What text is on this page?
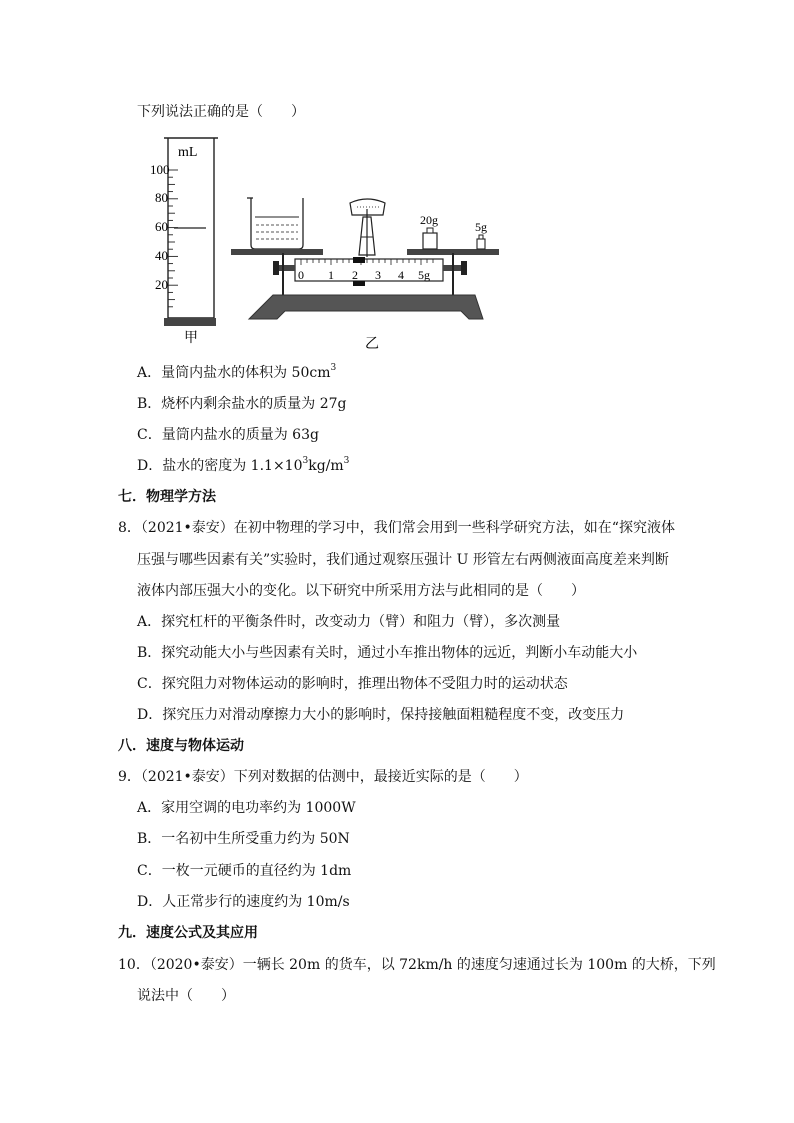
下列说法正确的是（　　）
mL
100
80
60
40
20
甲
20g	5g
0 1 2 3 4 5g
乙
A．量筒内盐水的体积为 $50cm^3$
B．烧杯内剩余盐水的质量为 27g
C．量筒内盐水的质量为 63g
D．盐水的密度为 $1.1\times 10^3kg/m^3$
七．物理学方法
8．（2021•泰安）在初中物理的学习中，我们常会用到一些科学研究方法，如在“探究液体
压强与哪些因素有关”实验时，我们通过观察压强计 U 形管左右两侧液面高度差来判断
液体内部压强大小的变化。以下研究中所采用方法与此相同的是（　　）
A．探究杠杆的平衡条件时，改变动力（臂）和阻力（臂），多次测量
B．探究动能大小与些因素有关时，通过小车推出物体的远近，判断小车动能大小
C．探究阻力对物体运动的影响时，推理出物体不受阻力时的运动状态
D．探究压力对滑动摩擦力大小的影响时，保持接触面粗糙程度不变，改变压力
八．速度与物体运动
9．（2021•泰安）下列对数据的估测中，最接近实际的是（　　）
A．家用空调的电功率约为 1000W
B．一名初中生所受重力约为 50N
C．一枚一元硬币的直径约为 1dm
D．人正常步行的速度约为 10m/s
九．速度公式及其应用
10．（2020•泰安）一辆长 20m 的货车，以 72km/h 的速度匀速通过长为 100m 的大桥，下列
说法中（　　）
